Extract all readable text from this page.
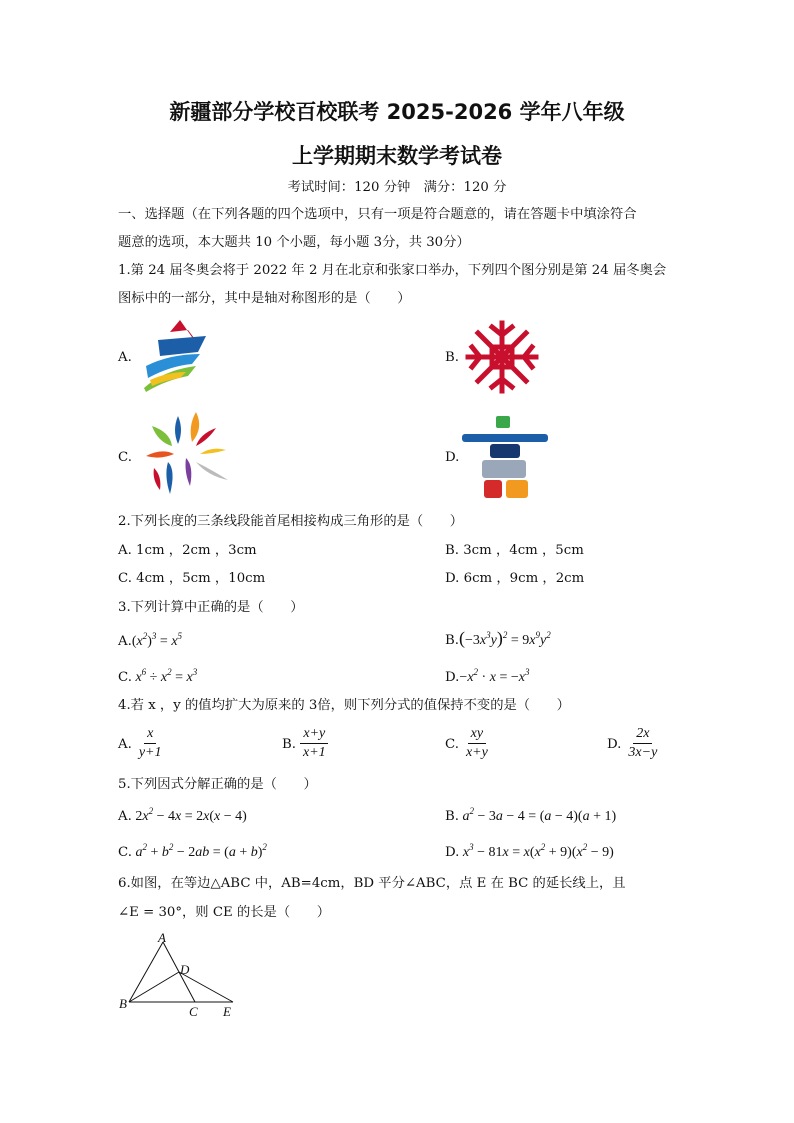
新疆部分学校百校联考 2025-2026 学年八年级
上学期期末数学考试卷
考试时间：120 分钟　满分：120 分
一、选择题（在下列各题的四个选项中，只有一项是符合题意的，请在答题卡中填涂符合
题意的选项，本大题共 10 个小题，每小题 3分，共 30分）
1.第 24 届冬奥会将于 2022 年 2 月在北京和张家口举办，下列四个图分别是第 24 届冬奥会
图标中的一部分，其中是轴对称图形的是（　　）
A.	B.
C.	D.
2.下列长度的三条线段能首尾相接构成三角形的是（　　）
A. 1cm ，2cm ，3cm	B. 3cm ，4cm ，5cm
C. 4cm ，5cm ，10cm	D. 6cm ，9cm ，2cm
3.下列计算中正确的是（　　）
$A.(x^2)^3 = x^5$	$B.(-3x^3y)^2 = 9x^9y^2$
C. $x^6 \div x^2 = x^3$	$D.-x^2 \cdot x = -x^3$
4.若 x ，y 的值均扩大为原来的 3倍，则下列分式的值保持不变的是（　　）
A. $\frac{x}{y+1}$	B. $\frac{x+y}{x+1}$	C. $\frac{xy}{x+y}$	D. $\frac{2x}{3x-y}$
5.下列因式分解正确的是（　　）
A. $2x^2 - 4x = 2x(x - 4)$	B. $a^2 - 3a - 4 = (a - 4)(a + 1)$
C. $a^2 + b^2 - 2ab = (a + b)^2$	D. $x^3 - 81x = x(x^2 + 9)(x^2 - 9)$
6.如图，在等边△ABC 中，AB=4cm，BD 平分∠ABC，点 E 在 BC 的延长线上，且
∠E = 30°，则 CE 的长是（　　）
A
B
C
D
E
